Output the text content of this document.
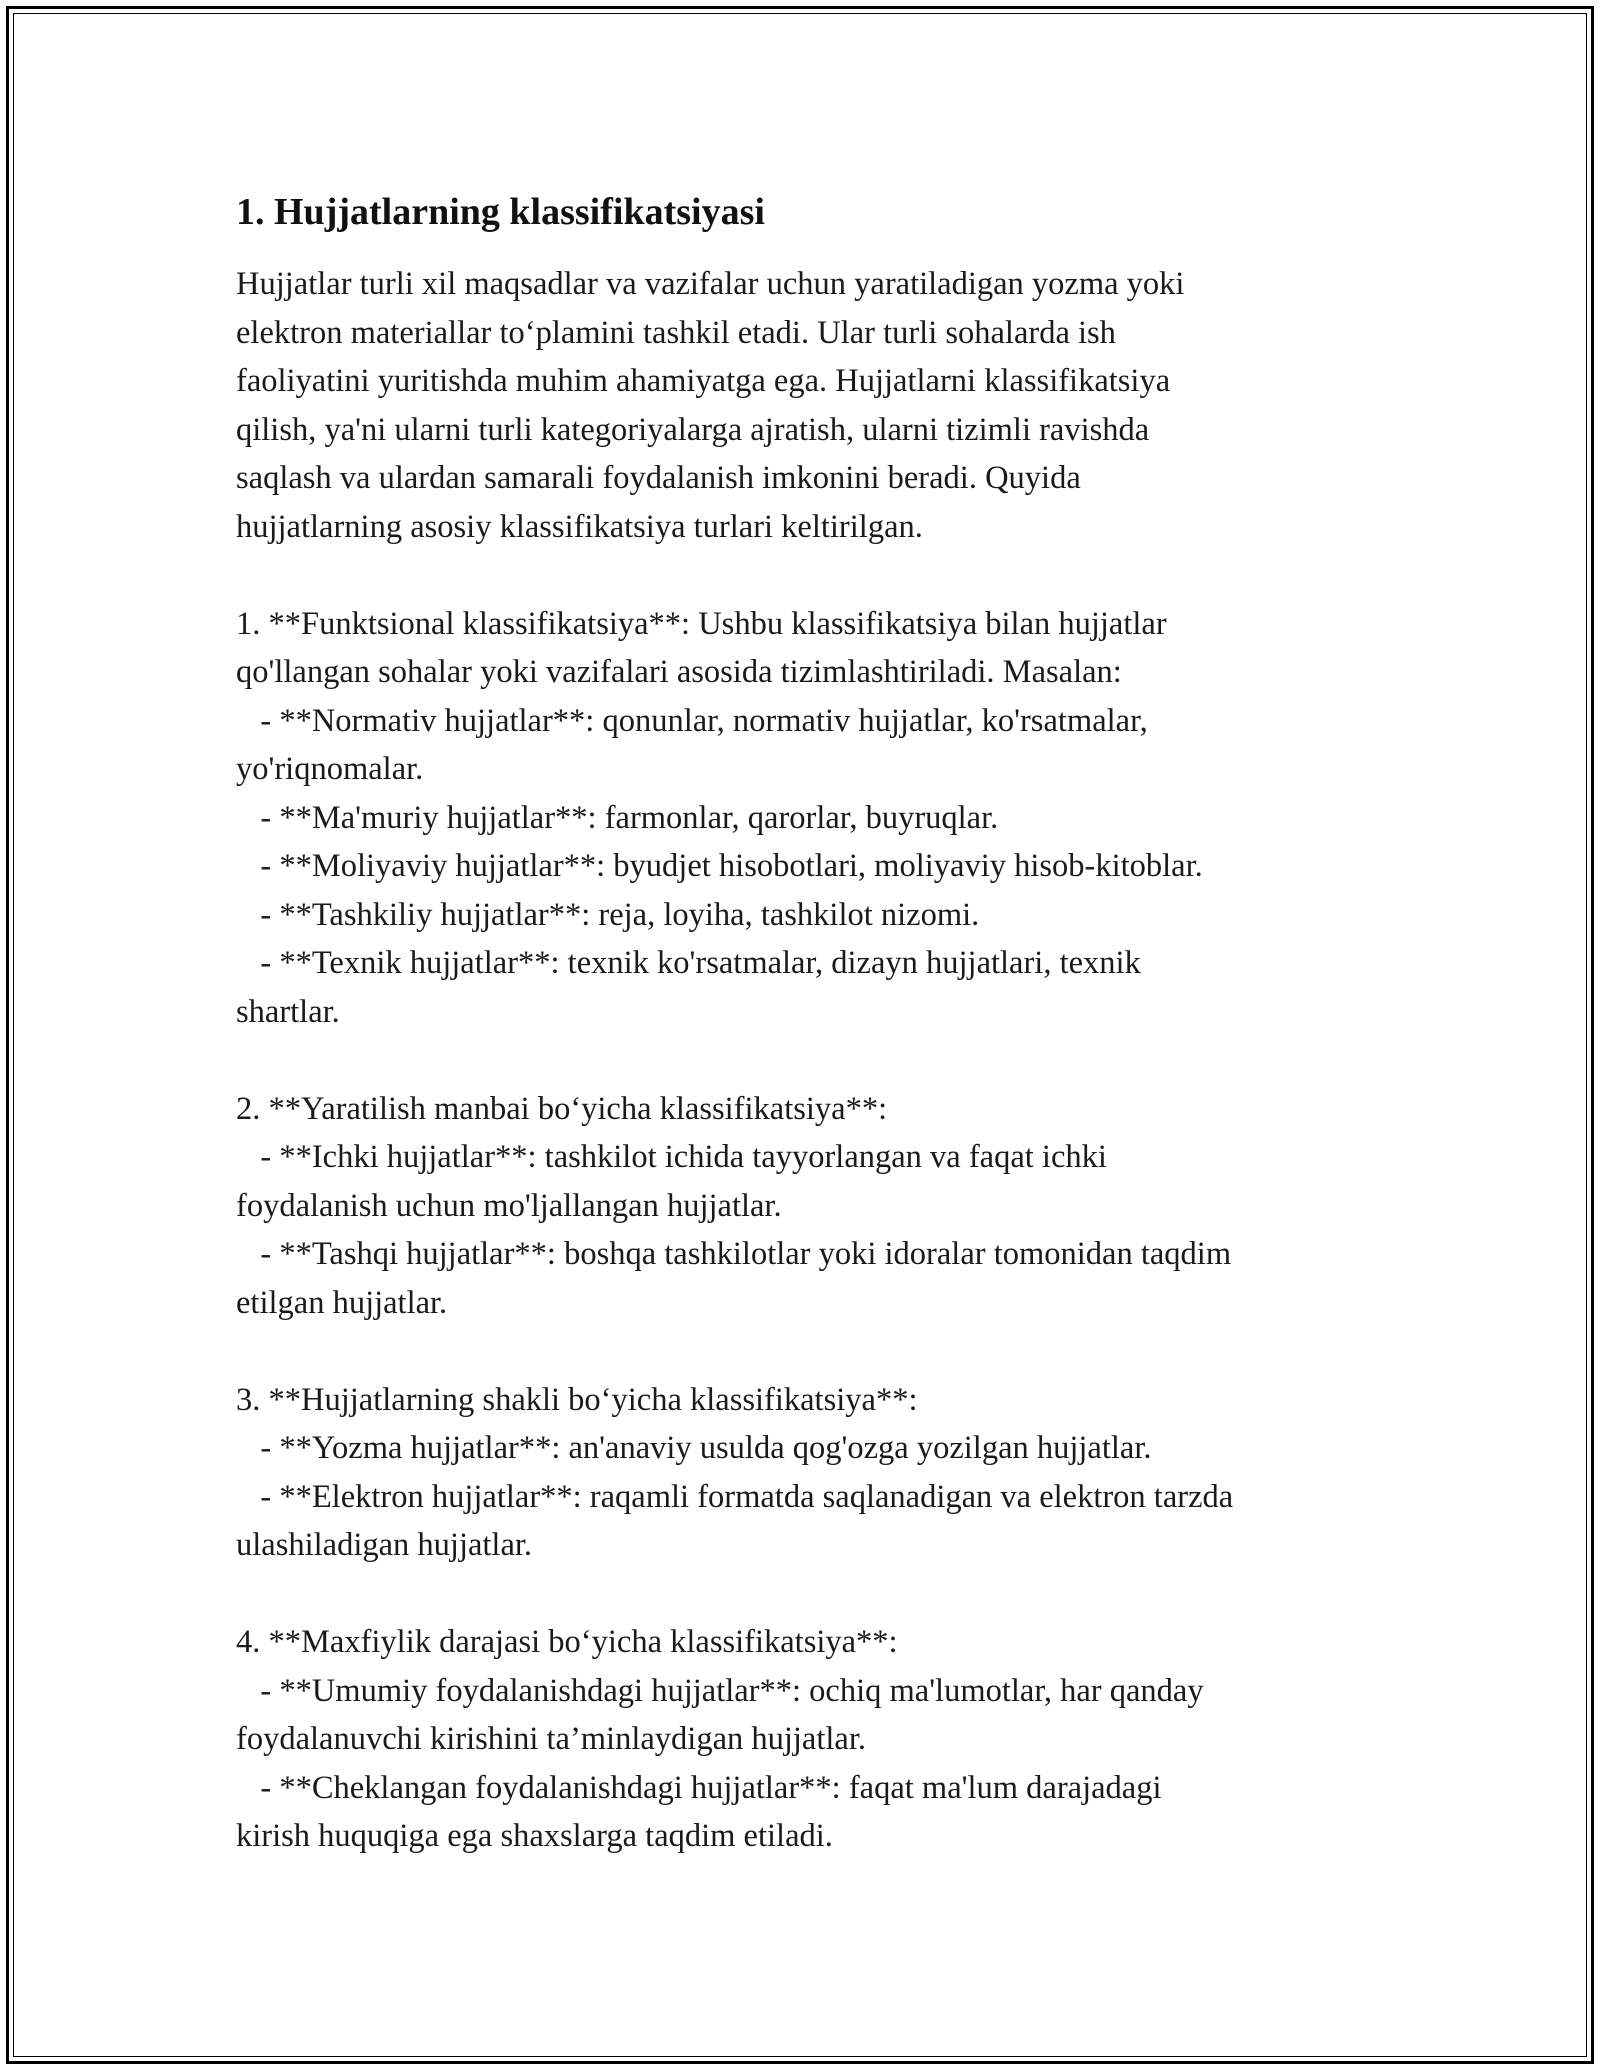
1. Hujjatlarning klassifikatsiyasi

Hujjatlar turli xil maqsadlar va vazifalar uchun yaratiladigan yozma yoki
elektron materiallar to‘plamini tashkil etadi. Ular turli sohalarda ish
faoliyatini yuritishda muhim ahamiyatga ega. Hujjatlarni klassifikatsiya
qilish, ya'ni ularni turli kategoriyalarga ajratish, ularni tizimli ravishda
saqlash va ulardan samarali foydalanish imkonini beradi. Quyida
hujjatlarning asosiy klassifikatsiya turlari keltirilgan.

1. **Funktsional klassifikatsiya**: Ushbu klassifikatsiya bilan hujjatlar
qo'llangan sohalar yoki vazifalari asosida tizimlashtiriladi. Masalan:
- **Normativ hujjatlar**: qonunlar, normativ hujjatlar, ko'rsatmalar,
yo'riqnomalar.
- **Ma'muriy hujjatlar**: farmonlar, qarorlar, buyruqlar.
- **Moliyaviy hujjatlar**: byudjet hisobotlari, moliyaviy hisob-kitoblar.
- **Tashkiliy hujjatlar**: reja, loyiha, tashkilot nizomi.
- **Texnik hujjatlar**: texnik ko'rsatmalar, dizayn hujjatlari, texnik
shartlar.

2. **Yaratilish manbai bo‘yicha klassifikatsiya**:
- **Ichki hujjatlar**: tashkilot ichida tayyorlangan va faqat ichki
foydalanish uchun mo'ljallangan hujjatlar.
- **Tashqi hujjatlar**: boshqa tashkilotlar yoki idoralar tomonidan taqdim
etilgan hujjatlar.

3. **Hujjatlarning shakli bo‘yicha klassifikatsiya**:
- **Yozma hujjatlar**: an'anaviy usulda qog'ozga yozilgan hujjatlar.
- **Elektron hujjatlar**: raqamli formatda saqlanadigan va elektron tarzda
ulashiladigan hujjatlar.

4. **Maxfiylik darajasi bo‘yicha klassifikatsiya**:
- **Umumiy foydalanishdagi hujjatlar**: ochiq ma'lumotlar, har qanday
foydalanuvchi kirishini ta’minlaydigan hujjatlar.
- **Cheklangan foydalanishdagi hujjatlar**: faqat ma'lum darajadagi
kirish huquqiga ega shaxslarga taqdim etiladi.
